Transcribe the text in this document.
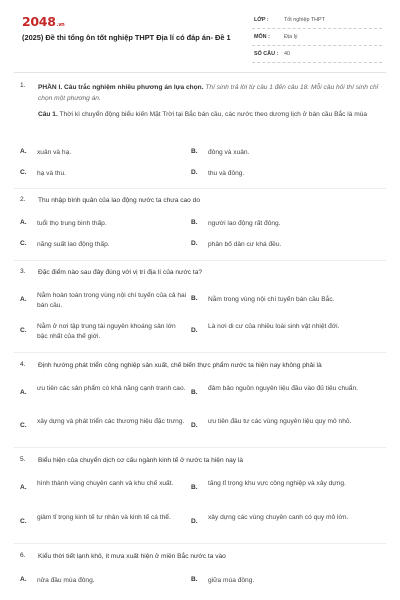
2048.vn
(2025) Đề thi tổng ôn tốt nghiệp THPT Địa lí có đáp án- Đề 1
LỚP :	Tốt nghiệp THPT
MÔN :	Địa lý
SỐ CÂU : 40
1. PHẦN I. Câu trắc nghiệm nhiều phương án lựa chọn. Thí sinh trả lời từ câu 1 đến câu 18. Mỗi câu hỏi thí sinh chỉ chọn một phương án.
Câu 1. Thời kì chuyển động biểu kiến Mặt Trời tại Bắc bán cầu, các nước theo dương lịch ở bán cầu Bắc là mùa
A. xuân và hạ.	B. đông và xuân.
C. hạ và thu.	D. thu và đông.
2. Thu nhập bình quân của lao động nước ta chưa cao do
A. tuổi thọ trung bình thấp.	B. người lao động rất đông.
C. năng suất lao động thấp.	D. phân bố dân cư khá đều.
3. Đặc điểm nào sau đây đúng với vị trí địa lí của nước ta?
A.
Nằm hoàn toàn trong vùng nội chí tuyến của cả hai bán cầu.
B. Nằm trong vùng nội chí tuyến bán cầu Bắc.
C.
Nằm ở nơi tập trung tài nguyên khoáng sản lớn bậc nhất của thế giới.
D.
Là nơi di cư của nhiều loài sinh vật nhiệt đới.
4. Định hướng phát triển công nghiệp sản xuất, chế biến thực phẩm nước ta hiện nay không phải là
A.
ưu tiên các sản phẩm có khả năng cạnh tranh cao.
B.
đảm bảo nguồn nguyên liệu đầu vào đủ tiêu chuẩn.
C.
xây dựng và phát triển các thương hiệu đặc trưng.
D.
ưu tiên đầu tư các vùng nguyên liệu quy mô nhỏ.
5. Biểu hiện của chuyển dịch cơ cấu ngành kinh tế ở nước ta hiện nay là
A.
hình thành vùng chuyên canh và khu chế xuất.
B.
tăng tỉ trọng khu vực công nghiệp và xây dựng.
C.
giảm tỉ trọng kinh tế tư nhân và kinh tế cá thể.
D.
xây dựng các vùng chuyên canh có quy mô lớn.
6. Kiểu thời tiết lạnh khô, ít mưa xuất hiện ở miền Bắc nước ta vào
A. nửa đầu mùa đông.	B. giữa mùa đông.
